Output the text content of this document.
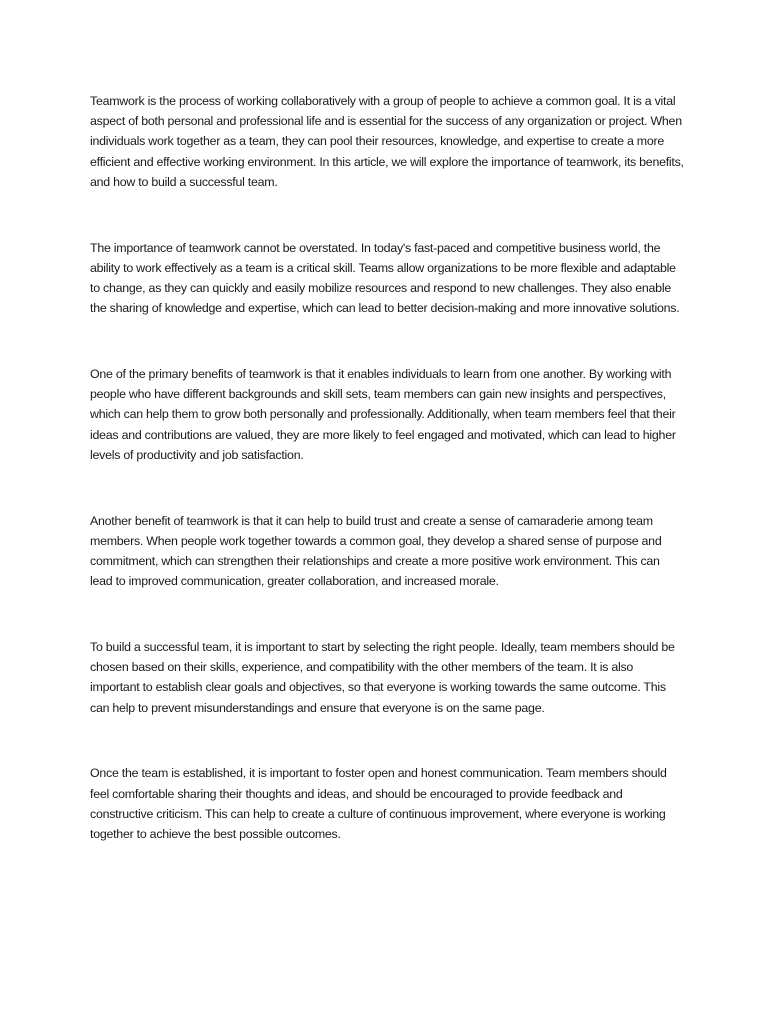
Teamwork is the process of working collaboratively with a group of people to achieve a common goal. It is a vital aspect of both personal and professional life and is essential for the success of any organization or project. When individuals work together as a team, they can pool their resources, knowledge, and expertise to create a more efficient and effective working environment. In this article, we will explore the importance of teamwork, its benefits, and how to build a successful team.

The importance of teamwork cannot be overstated. In today's fast-paced and competitive business world, the ability to work effectively as a team is a critical skill. Teams allow organizations to be more flexible and adaptable to change, as they can quickly and easily mobilize resources and respond to new challenges. They also enable the sharing of knowledge and expertise, which can lead to better decision-making and more innovative solutions.

One of the primary benefits of teamwork is that it enables individuals to learn from one another. By working with people who have different backgrounds and skill sets, team members can gain new insights and perspectives, which can help them to grow both personally and professionally. Additionally, when team members feel that their ideas and contributions are valued, they are more likely to feel engaged and motivated, which can lead to higher levels of productivity and job satisfaction.

Another benefit of teamwork is that it can help to build trust and create a sense of camaraderie among team members. When people work together towards a common goal, they develop a shared sense of purpose and commitment, which can strengthen their relationships and create a more positive work environment. This can lead to improved communication, greater collaboration, and increased morale.

To build a successful team, it is important to start by selecting the right people. Ideally, team members should be chosen based on their skills, experience, and compatibility with the other members of the team. It is also important to establish clear goals and objectives, so that everyone is working towards the same outcome. This can help to prevent misunderstandings and ensure that everyone is on the same page.

Once the team is established, it is important to foster open and honest communication. Team members should feel comfortable sharing their thoughts and ideas, and should be encouraged to provide feedback and constructive criticism. This can help to create a culture of continuous improvement, where everyone is working together to achieve the best possible outcomes.
